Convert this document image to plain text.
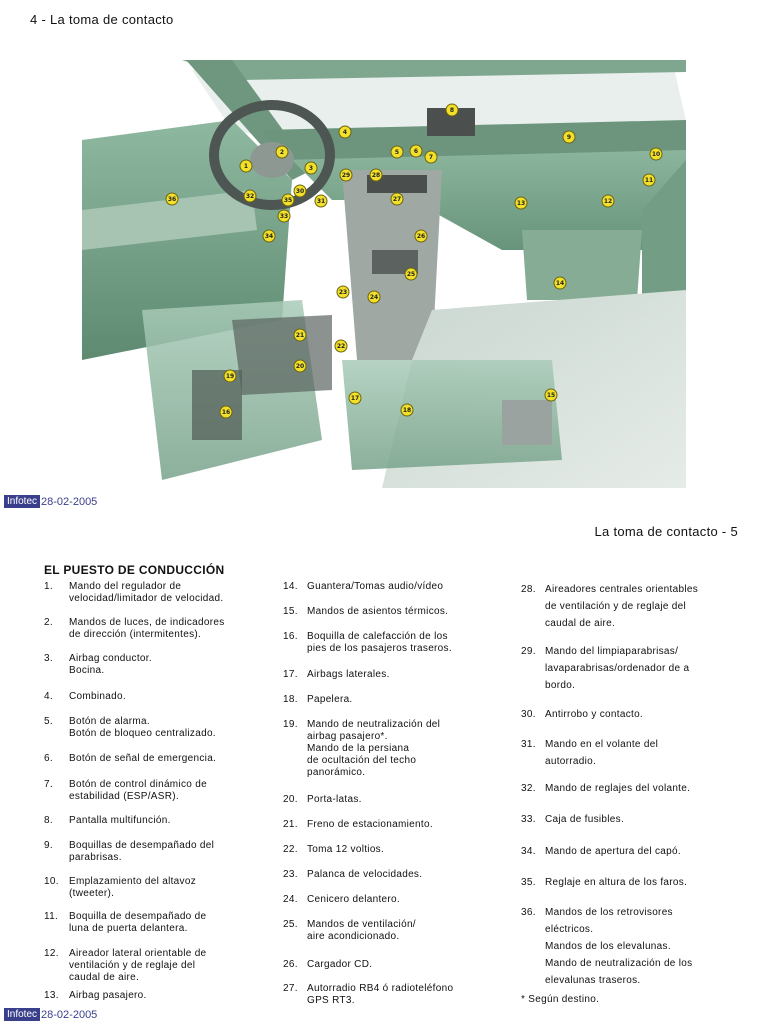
4 - La toma de contacto
1
2
3
4
5 6
7
8
9
10
11
12
13
14
15
16
17
18
19
20
21
22
23
24
25
26
27
28
29
30
31
32
33
34
35
36
Infotec 28-02-2005
La toma de contacto - 5
EL PUESTO DE CONDUCCIÓN
1.	Mando del regulador de
velocidad/limitador de velocidad.
2.	Mandos de luces, de indicadores
de dirección (intermitentes).
3.	Airbag conductor.
Bocina.
4.	Combinado.
5.	Botón de alarma.
Botón de bloqueo centralizado.
6.	Botón de señal de emergencia.
7.	Botón de control dinámico de
estabilidad (ESP/ASR).
8.	Pantalla multifunción.
9.	Boquillas de desempañado del
parabrisas.
10.	Emplazamiento del altavoz
(tweeter).
11.	Boquilla de desempañado de
luna de puerta delantera.
12.	Aireador lateral orientable de
ventilación y de reglaje del
caudal de aire.
13.	Airbag pasajero.
14. Guantera/Tomas audio/vídeo
15. Mandos de asientos térmicos.
16. Boquilla de calefacción de los
pies de los pasajeros traseros.
17. Airbags laterales.
18. Papelera.
19. Mando de neutralización del
airbag pasajero*.
Mando de la persiana
de ocultación del techo
panorámico.
20. Porta-latas.
21. Freno de estacionamiento.
22. Toma 12 voltios.
23. Palanca de velocidades.
24. Cenicero delantero.
25. Mandos de ventilación/
aire acondicionado.
26. Cargador CD.
27. Autorradio RB4 ó radioteléfono
GPS RT3.
28. Aireadores centrales orientables
de ventilación y de reglaje del
caudal de aire.
29. Mando del limpiaparabrisas/
lavaparabrisas/ordenador de a
bordo.
30. Antirrobo y contacto.
31. Mando en el volante del
autorradio.
32. Mando de reglajes del volante.
33. Caja de fusibles.
34. Mando de apertura del capó.
35. Reglaje en altura de los faros.
36. Mandos de los retrovisores
eléctricos.
Mandos de los elevalunas.
Mando de neutralización de los
elevalunas traseros.
* Según destino.
Infotec 28-02-2005
